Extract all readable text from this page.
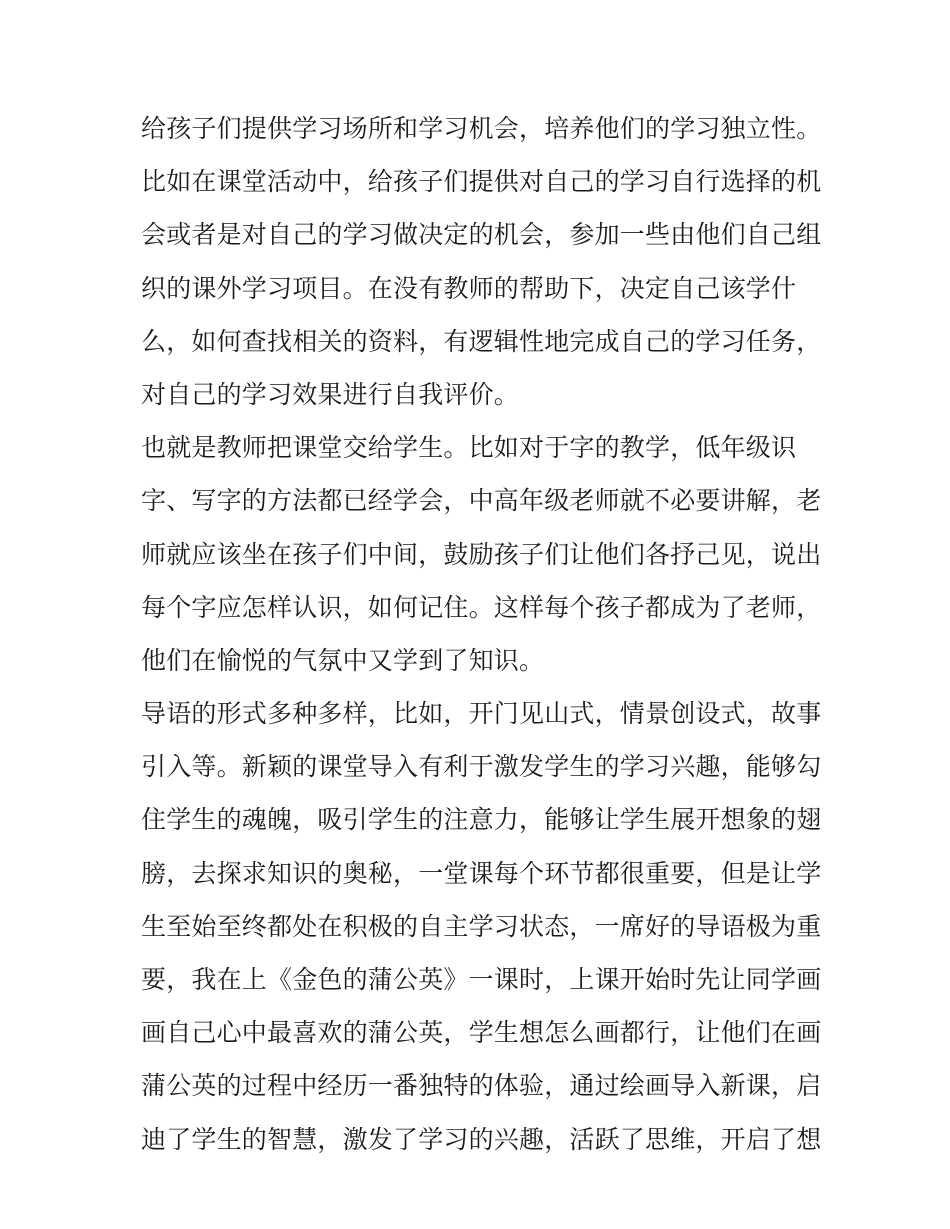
给孩子们提供学习场所和学习机会，培养他们的学习独立性。
比如在课堂活动中，给孩子们提供对自己的学习自行选择的机
会或者是对自己的学习做决定的机会，参加一些由他们自己组
织的课外学习项目。在没有教师的帮助下，决定自己该学什
么，如何查找相关的资料，有逻辑性地完成自己的学习任务，
对自己的学习效果进行自我评价。
也就是教师把课堂交给学生。比如对于字的教学，低年级识
字、写字的方法都已经学会，中高年级老师就不必要讲解，老
师就应该坐在孩子们中间，鼓励孩子们让他们各抒己见，说出
每个字应怎样认识，如何记住。这样每个孩子都成为了老师，
他们在愉悦的气氛中又学到了知识。
导语的形式多种多样，比如，开门见山式，情景创设式，故事
引入等。新颖的课堂导入有利于激发学生的学习兴趣，能够勾
住学生的魂魄，吸引学生的注意力，能够让学生展开想象的翅
膀，去探求知识的奥秘，一堂课每个环节都很重要，但是让学
生至始至终都处在积极的自主学习状态，一席好的导语极为重
要，我在上《金色的蒲公英》一课时，上课开始时先让同学画
画自己心中最喜欢的蒲公英，学生想怎么画都行，让他们在画
蒲公英的过程中经历一番独特的体验，通过绘画导入新课，启
迪了学生的智慧，激发了学习的兴趣，活跃了思维，开启了想
